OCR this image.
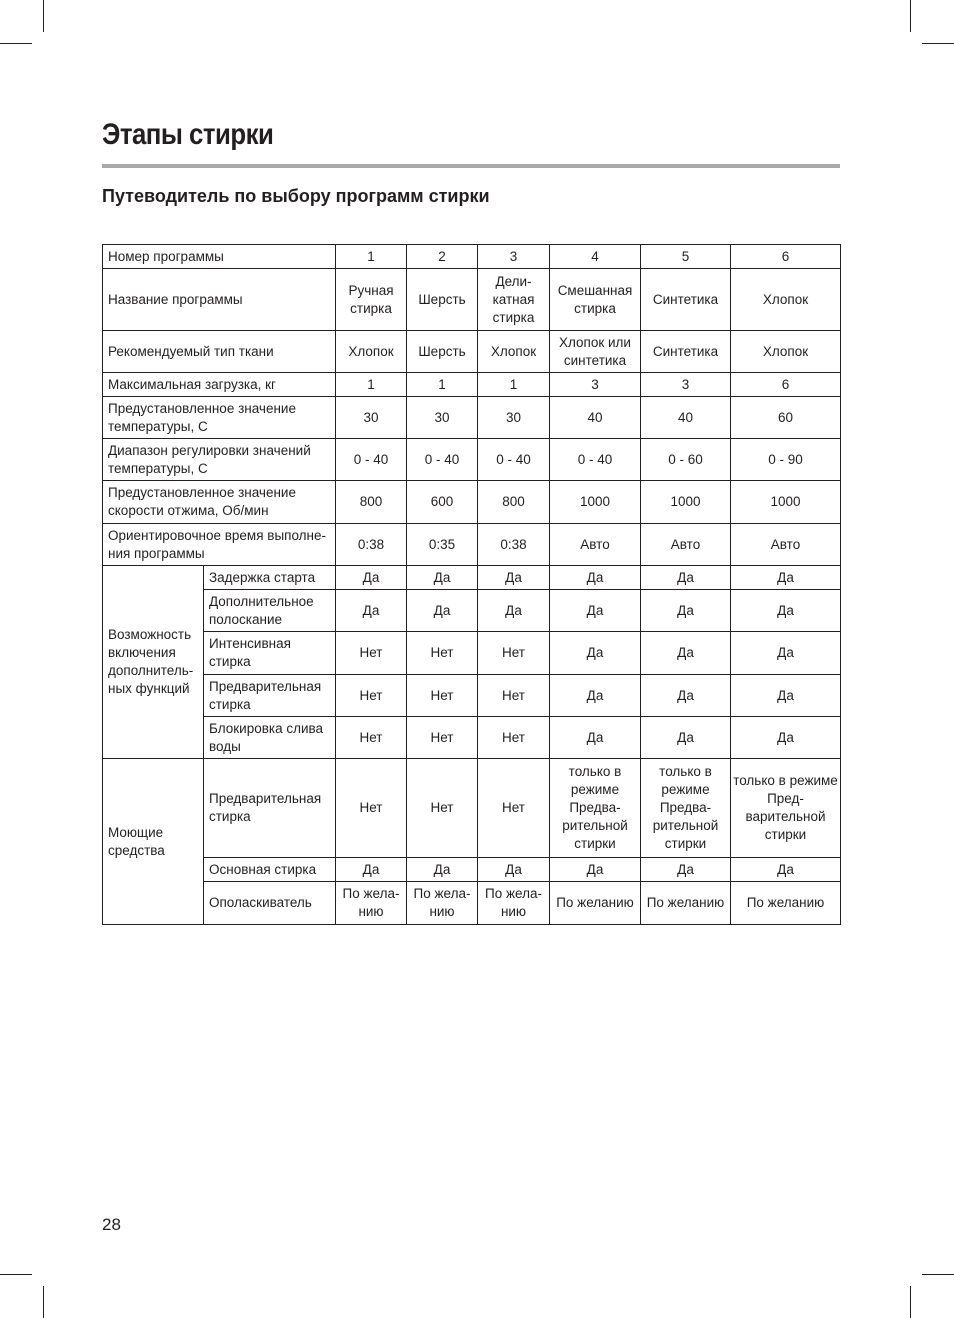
Этапы стирки
Путеводитель по выбору программ стирки
Номер программы		1	2	3	4	5	6
Название программы		Ручная стирка	Шерсть	Дели-катная стирка	Смешанная стирка	Синтетика	Хлопок
Рекомендуемый тип ткани		Хлопок	Шерсть	Хлопок	Хлопок или синтетика	Синтетика	Хлопок
Максимальная загрузка, кг		1	1	1	3	3	6
Предустановленное значение температуры, С		30	30	30	40	40	60
Диапазон регулировки значений температуры, С		0 - 40	0 - 40	0 - 40	0 - 40	0 - 60	0 - 90
Предустановленное значение скорости отжима, Об/мин		800	600	800	1000	1000	1000
Ориентировочное время выполне-ния программы		0:38	0:35	0:38	Авто	Авто	Авто
Возможность включения дополнитель-ных функций	Задержка старта	Да	Да	Да	Да	Да	Да
	Дополнительное полоскание	Да	Да	Да	Да	Да	Да
	Интенсивная стирка	Нет	Нет	Нет	Да	Да	Да
	Предварительная стирка	Нет	Нет	Нет	Да	Да	Да
	Блокировка слива воды	Нет	Нет	Нет	Да	Да	Да
Моющие средства	Предварительная стирка	Нет	Нет	Нет	только в режиме Предва-рительной стирки	только в режиме Предва-рительной стирки	только в режиме Пред-варительной стирки
	Основная стирка	Да	Да	Да	Да	Да	Да
	Ополаскиватель	По жела-нию	По жела-нию	По жела-нию	По желанию	По желанию	По желанию
28
